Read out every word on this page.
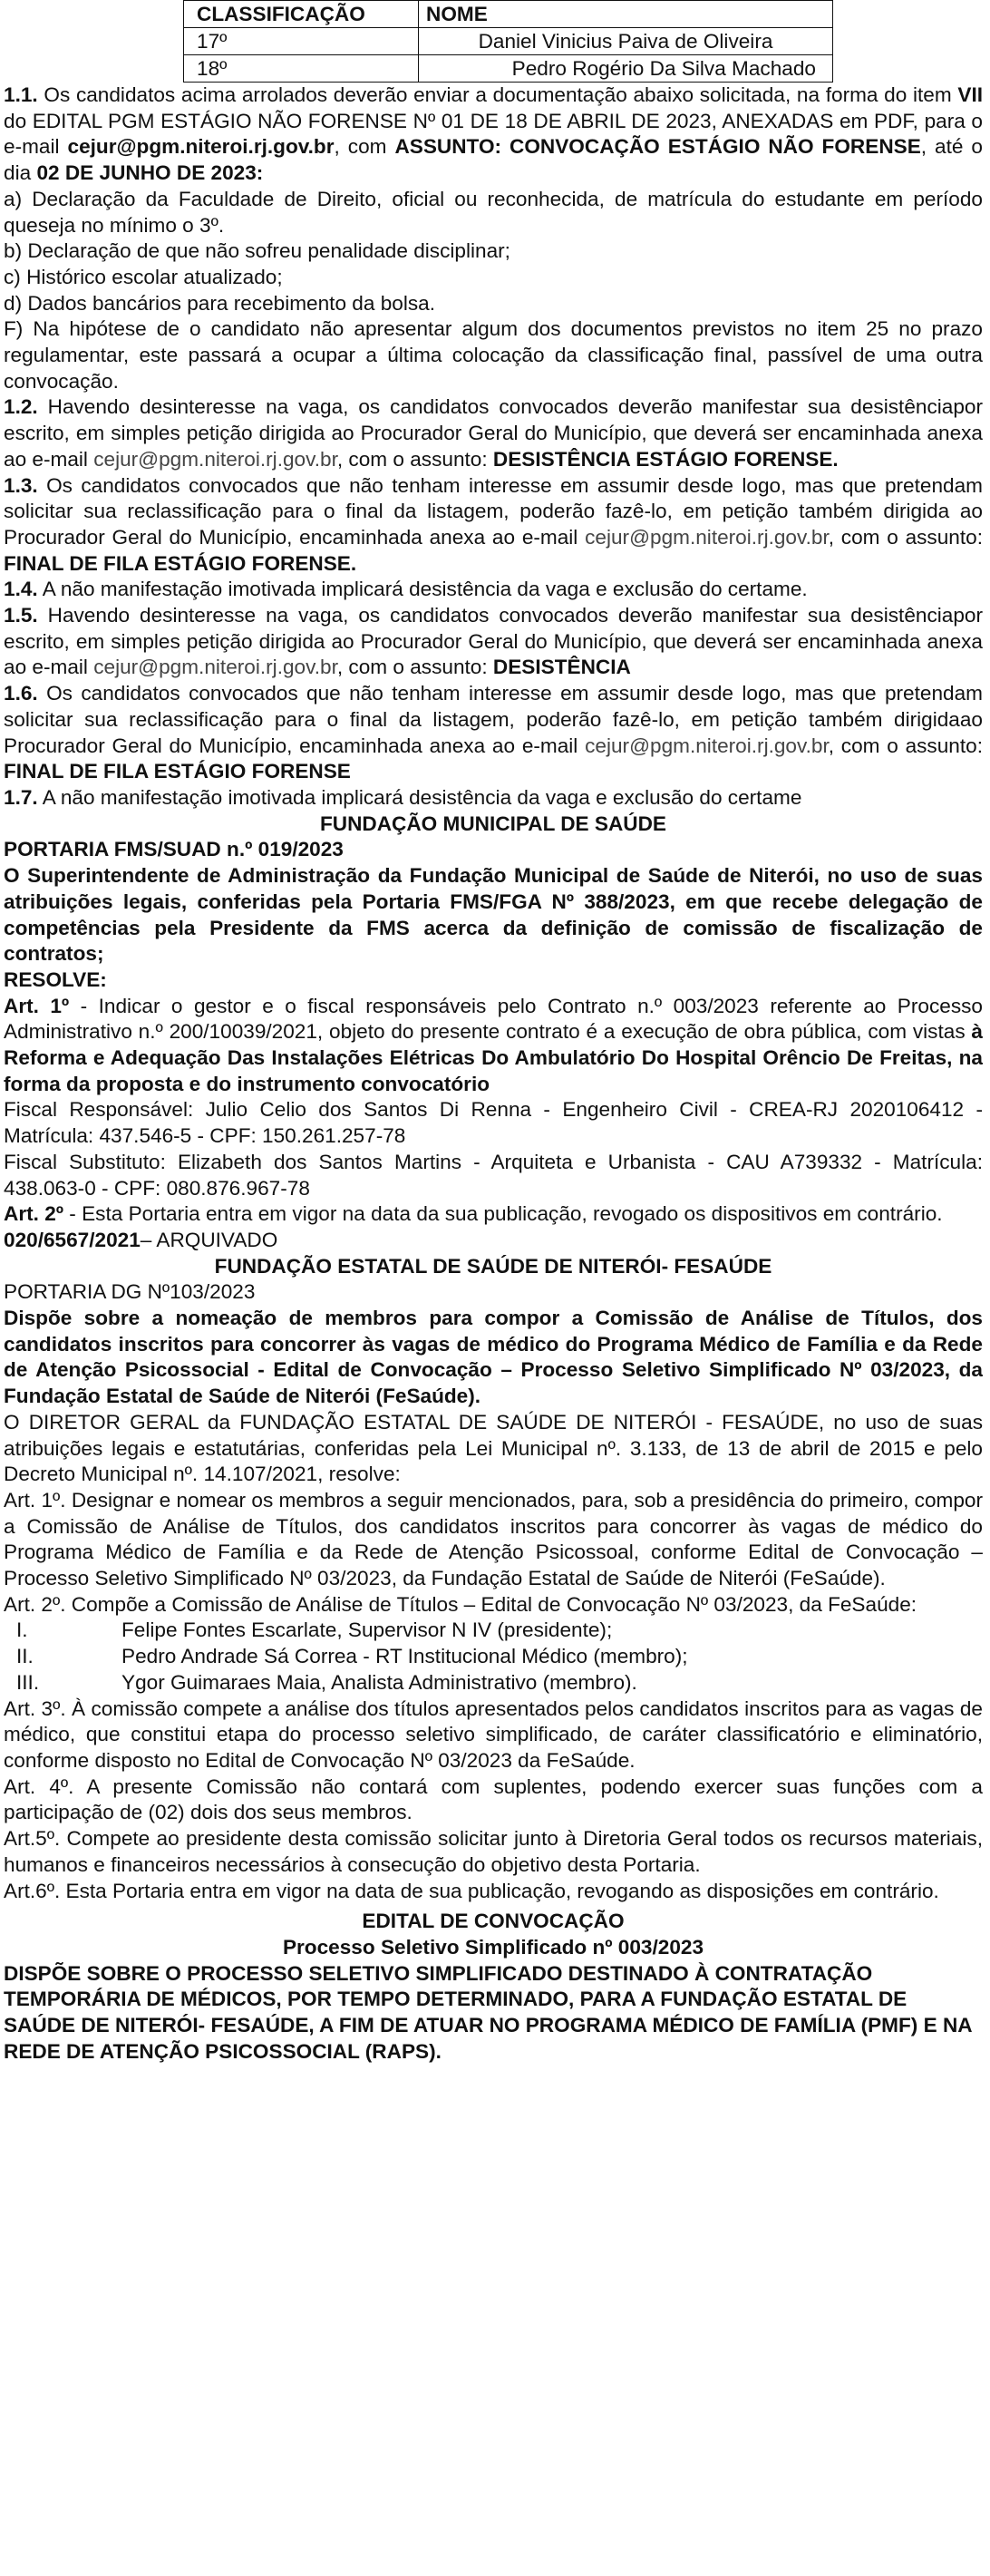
CLASSIFICAÇÃO	NOME
17º	Daniel Vinicius Paiva de Oliveira
18º	Pedro Rogério Da Silva Machado

1.1. Os candidatos acima arrolados deverão enviar a documentação abaixo solicitada, na forma do item VII do EDITAL PGM ESTÁGIO NÃO FORENSE Nº 01 DE 18 DE ABRIL DE 2023, ANEXADAS em PDF, para o e-mail cejur@pgm.niteroi.rj.gov.br, com ASSUNTO: CONVOCAÇÃO ESTÁGIO NÃO FORENSE, até o dia 02 DE JUNHO DE 2023:

a) Declaração da Faculdade de Direito, oficial ou reconhecida, de matrícula do estudante em período queseja no mínimo o 3º.

b) Declaração de que não sofreu penalidade disciplinar;

c) Histórico escolar atualizado;

d) Dados bancários para recebimento da bolsa.

F) Na hipótese de o candidato não apresentar algum dos documentos previstos no item 25 no prazo regulamentar, este passará a ocupar a última colocação da classificação final, passível de uma outra convocação.

1.2. Havendo desinteresse na vaga, os candidatos convocados deverão manifestar sua desistênciapor escrito, em simples petição dirigida ao Procurador Geral do Município, que deverá ser encaminhada anexa ao e-mail cejur@pgm.niteroi.rj.gov.br, com o assunto: DESISTÊNCIA ESTÁGIO FORENSE.

1.3. Os candidatos convocados que não tenham interesse em assumir desde logo, mas que pretendam solicitar sua reclassificação para o final da listagem, poderão fazê-lo, em petição também dirigida ao Procurador Geral do Município, encaminhada anexa ao e-mail cejur@pgm.niteroi.rj.gov.br, com o assunto: FINAL DE FILA ESTÁGIO FORENSE.

1.4. A não manifestação imotivada implicará desistência da vaga e exclusão do certame.

1.5. Havendo desinteresse na vaga, os candidatos convocados deverão manifestar sua desistênciapor escrito, em simples petição dirigida ao Procurador Geral do Município, que deverá ser encaminhada anexa ao e-mail cejur@pgm.niteroi.rj.gov.br, com o assunto: DESISTÊNCIA

1.6. Os candidatos convocados que não tenham interesse em assumir desde logo, mas que pretendam solicitar sua reclassificação para o final da listagem, poderão fazê-lo, em petição também dirigidaao Procurador Geral do Município, encaminhada anexa ao e-mail cejur@pgm.niteroi.rj.gov.br, com o assunto: FINAL DE FILA ESTÁGIO FORENSE

1.7. A não manifestação imotivada implicará desistência da vaga e exclusão do certame

FUNDAÇÃO MUNICIPAL DE SAÚDE

PORTARIA FMS/SUAD n.º 019/2023

O Superintendente de Administração da Fundação Municipal de Saúde de Niterói, no uso de suas atribuições legais, conferidas pela Portaria FMS/FGA Nº 388/2023, em que recebe delegação de competências pela Presidente da FMS acerca da definição de comissão de fiscalização de contratos;

RESOLVE:

Art. 1º - Indicar o gestor e o fiscal responsáveis pelo Contrato n.º 003/2023 referente ao Processo Administrativo n.º 200/10039/2021, objeto do presente contrato é a execução de obra pública, com vistas à Reforma e Adequação Das Instalações Elétricas Do Ambulatório Do Hospital Orêncio De Freitas, na forma da proposta e do instrumento convocatório

Fiscal Responsável: Julio Celio dos Santos Di Renna - Engenheiro Civil - CREA-RJ 2020106412 - Matrícula: 437.546-5 - CPF: 150.261.257-78

Fiscal Substituto: Elizabeth dos Santos Martins - Arquiteta e Urbanista - CAU A739332 - Matrícula: 438.063-0 - CPF: 080.876.967-78

Art. 2º - Esta Portaria entra em vigor na data da sua publicação, revogado os dispositivos em contrário.

020/6567/2021– ARQUIVADO

FUNDAÇÃO ESTATAL DE SAÚDE DE NITERÓI- FESAÚDE

PORTARIA DG Nº103/2023

Dispõe sobre a nomeação de membros para compor a Comissão de Análise de Títulos, dos candidatos inscritos para concorrer às vagas de médico do Programa Médico de Família e da Rede de Atenção Psicossocial - Edital de Convocação – Processo Seletivo Simplificado Nº 03/2023, da Fundação Estatal de Saúde de Niterói (FeSaúde).

O DIRETOR GERAL da FUNDAÇÃO ESTATAL DE SAÚDE DE NITERÓI - FESAÚDE, no uso de suas atribuições legais e estatutárias, conferidas pela Lei Municipal nº. 3.133, de 13 de abril de 2015 e pelo Decreto Municipal nº. 14.107/2021, resolve:

Art. 1º. Designar e nomear os membros a seguir mencionados, para, sob a presidência do primeiro, compor a Comissão de Análise de Títulos, dos candidatos inscritos para concorrer às vagas de médico do Programa Médico de Família e da Rede de Atenção Psicossoal, conforme Edital de Convocação – Processo Seletivo Simplificado Nº 03/2023, da Fundação Estatal de Saúde de Niterói (FeSaúde).

Art. 2º. Compõe a Comissão de Análise de Títulos – Edital de Convocação Nº 03/2023, da FeSaúde:

I.	Felipe Fontes Escarlate, Supervisor N IV (presidente);
II.	Pedro Andrade Sá Correa - RT Institucional Médico (membro);
III.	Ygor Guimaraes Maia, Analista Administrativo (membro).

Art. 3º. À comissão compete a análise dos títulos apresentados pelos candidatos inscritos para as vagas de médico, que constitui etapa do processo seletivo simplificado, de caráter classificatório e eliminatório, conforme disposto no Edital de Convocação Nº 03/2023 da FeSaúde.

Art. 4º. A presente Comissão não contará com suplentes, podendo exercer suas funções com a participação de (02) dois dos seus membros.

Art.5º. Compete ao presidente desta comissão solicitar junto à Diretoria Geral todos os recursos materiais, humanos e financeiros necessários à consecução do objetivo desta Portaria.

Art.6º. Esta Portaria entra em vigor na data de sua publicação, revogando as disposições em contrário.

EDITAL DE CONVOCAÇÃO

Processo Seletivo Simplificado nº 003/2023

DISPÕE SOBRE O PROCESSO SELETIVO SIMPLIFICADO DESTINADO À CONTRATAÇÃO TEMPORÁRIA DE MÉDICOS, POR TEMPO DETERMINADO, PARA A FUNDAÇÃO ESTATAL DE SAÚDE DE NITERÓI- FESAÚDE, A FIM DE ATUAR NO PROGRAMA MÉDICO DE FAMÍLIA (PMF) E NA REDE DE ATENÇÃO PSICOSSOCIAL (RAPS).
